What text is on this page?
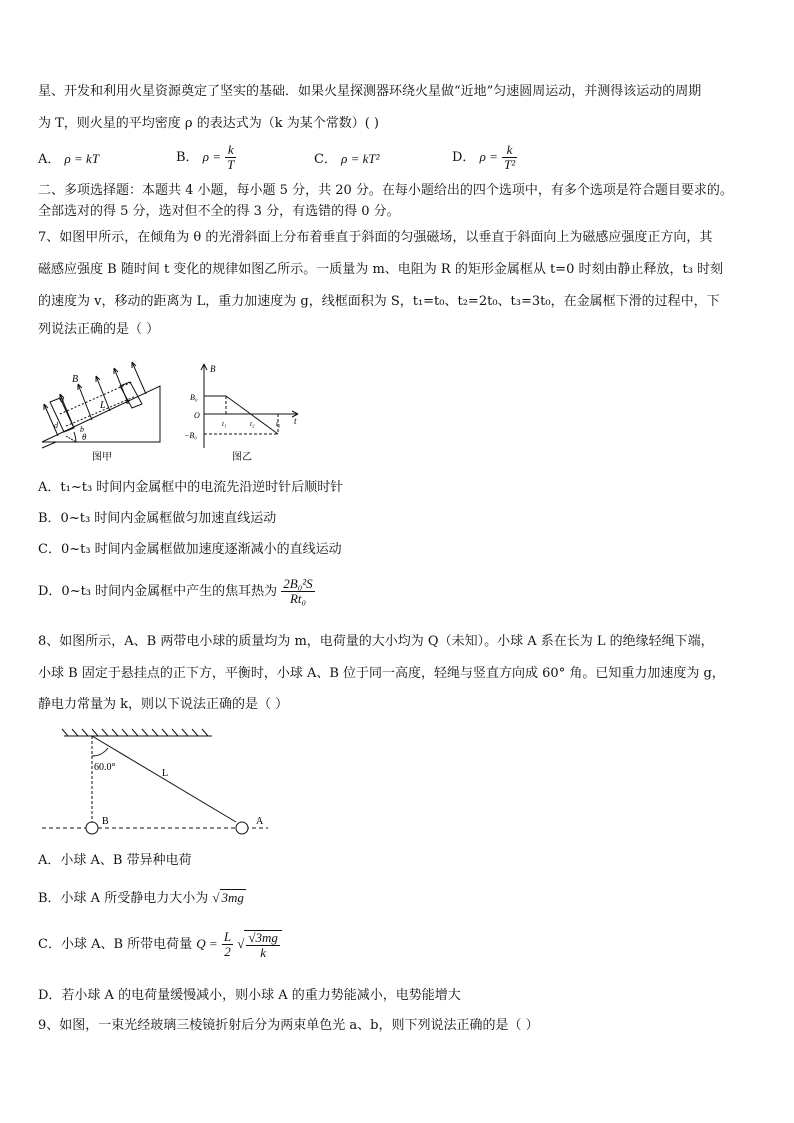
星、开发和利用火星资源奠定了坚实的基础．如果火星探测器环绕火星做“近地”匀速圆周运动，并测得该运动的周期
为 T，则火星的平均密度 ρ 的表达式为（k 为某个常数）( )
A． ρ = kT	B． $\rho = \frac{k}{T}$	C． ρ = kT²	D． $\rho = \frac{k}{\text{T²}}$
二、多项选择题：本题共 4 小题，每小题 5 分，共 20 分。在每小题给出的四个选项中，有多个选项是符合题目要求的。
全部选对的得 5 分，选对但不全的得 3 分，有选错的得 0 分。
7、如图甲所示，在倾角为 θ 的光滑斜面上分布着垂直于斜面的匀强磁场，以垂直于斜面向上为磁感应强度正方向，其
磁感应强度 B 随时间 t 变化的规律如图乙所示。一质量为 m、电阻为 R 的矩形金属框从 t=0 时刻由静止释放，t₃ 时刻
的速度为 v，移动的距离为 L，重力加速度为 g，线框面积为 S，t₁=t₀、t₂=2t₀、t₃=3t₀，在金属框下滑的过程中，下
列说法正确的是（ ）
B
L
a
b
c
d
θ
图甲
B
B₀
O
−B₀
t₁	t₂	t₃ t
图乙
A．t₁~t₃ 时间内金属框中的电流先沿逆时针后顺时针
B．0~t₃ 时间内金属框做匀加速直线运动
C．0~t₃ 时间内金属框做加速度逐渐减小的直线运动
D．0~t₃ 时间内金属框中产生的焦耳热为 $\frac{\text{2B₀²S}}{\text{Rt₀}}$
8、如图所示，A、B 两带电小球的质量均为 m，电荷量的大小均为 Q（未知）。小球 A 系在长为 L 的绝缘轻绳下端，
小球 B 固定于悬挂点的正下方，平衡时，小球 A、B 位于同一高度，轻绳与竖直方向成 60° 角。已知重力加速度为 g，
静电力常量为 k，则以下说法正确的是（ ）
60.0°
L
B	A
A．小球 A、B 带异种电荷
B．小球 A 所受静电力大小为 √ 3mg
C．小球 A、B 所带电荷量 $Q = \frac{L}{2}$ √ $\frac{√3mg}{k}$
D．若小球 A 的电荷量缓慢减小，则小球 A 的重力势能减小，电势能增大
9、如图，一束光经玻璃三棱镜折射后分为两束单色光 a、b，则下列说法正确的是（ ）
